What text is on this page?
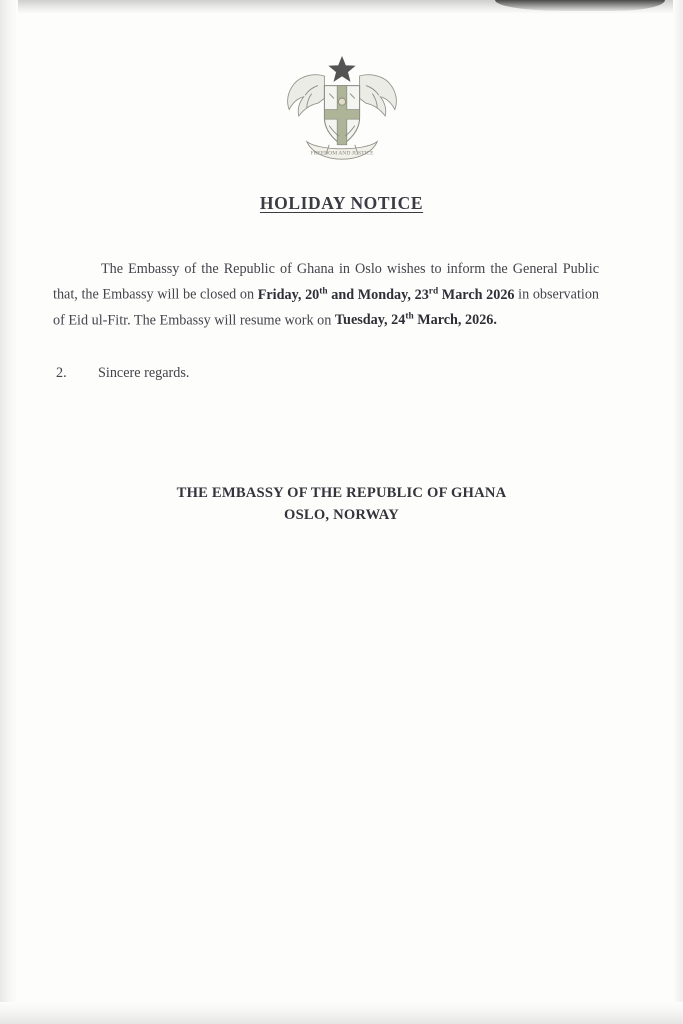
FREEDOM AND JUSTICE
HOLIDAY NOTICE
The Embassy of the Republic of Ghana in Oslo wishes to inform the General Public that, the Embassy will be closed on Friday, 20th and Monday, 23rd March 2026 in observation of Eid ul-Fitr. The Embassy will resume work on Tuesday, 24th March, 2026.
2. Sincere regards.
THE EMBASSY OF THE REPUBLIC OF GHANA
OSLO, NORWAY
